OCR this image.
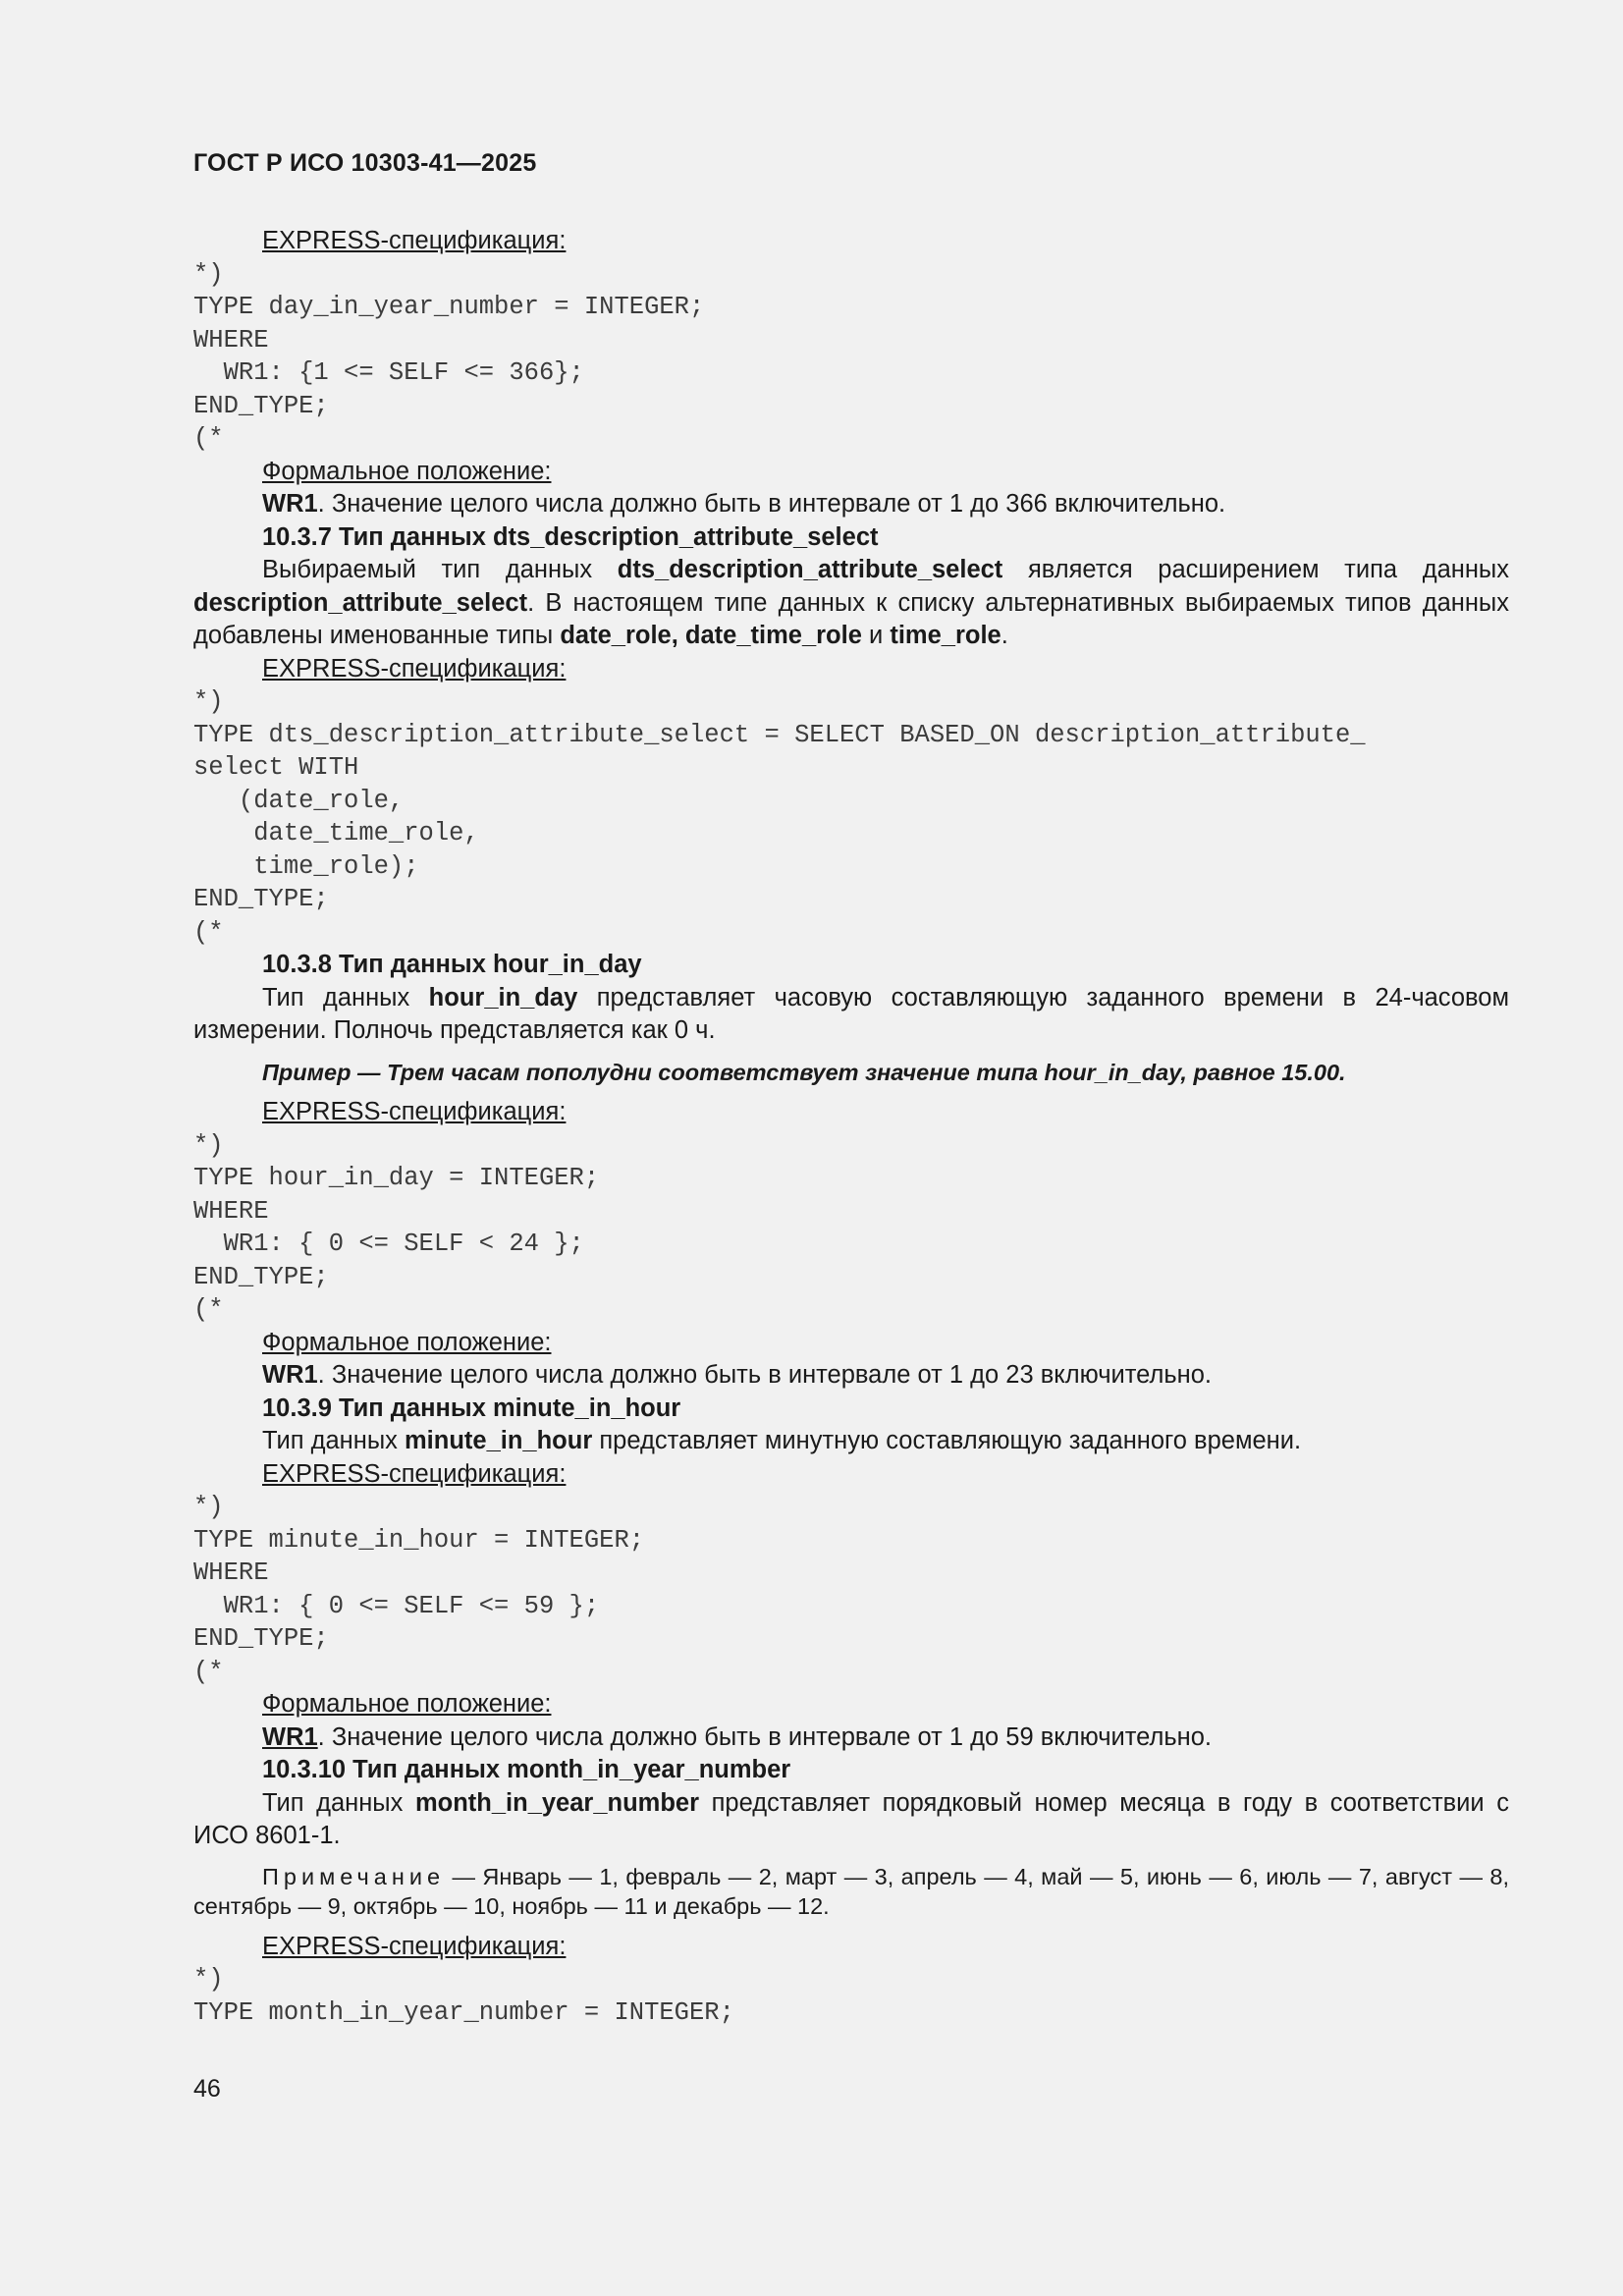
ГОСТ Р ИСО 10303-41—2025

EXPRESS-спецификация:

*)
TYPE day_in_year_number = INTEGER;
WHERE
WR1: {1 <= SELF <= 366};
END_TYPE;
(*

Формальное положение:

WR1. Значение целого числа должно быть в интервале от 1 до 366 включительно.

10.3.7 Тип данных dts_description_attribute_select

Выбираемый тип данных dts_description_attribute_select является расширением типа данных description_attribute_select. В настоящем типе данных к списку альтернативных выбираемых типов данных добавлены именованные типы date_role, date_time_role и time_role.

EXPRESS-спецификация:

*)
TYPE dts_description_attribute_select = SELECT BASED_ON description_attribute_
select WITH
(date_role,
date_time_role,
time_role);
END_TYPE;
(*

10.3.8 Тип данных hour_in_day

Тип данных hour_in_day представляет часовую составляющую заданного времени в 24-часовом измерении. Полночь представляется как 0 ч.

Пример — Трем часам пополудни соответствует значение типа hour_in_day, равное 15.00.

EXPRESS-спецификация:

*)
TYPE hour_in_day = INTEGER;
WHERE
WR1: { 0 <= SELF < 24 };
END_TYPE;
(*

Формальное положение:

WR1. Значение целого числа должно быть в интервале от 1 до 23 включительно.

10.3.9 Тип данных minute_in_hour

Тип данных minute_in_hour представляет минутную составляющую заданного времени.

EXPRESS-спецификация:

*)
TYPE minute_in_hour = INTEGER;
WHERE
WR1: { 0 <= SELF <= 59 };
END_TYPE;
(*

Формальное положение:

WR1. Значение целого числа должно быть в интервале от 1 до 59 включительно.

10.3.10 Тип данных month_in_year_number

Тип данных month_in_year_number представляет порядковый номер месяца в году в соответствии с ИСО 8601-1.

Примечание — Январь — 1, февраль — 2, март — 3, апрель — 4, май — 5, июнь — 6, июль — 7, август — 8, сентябрь — 9, октябрь — 10, ноябрь — 11 и декабрь — 12.

EXPRESS-спецификация:

*)
TYPE month_in_year_number = INTEGER;
46
